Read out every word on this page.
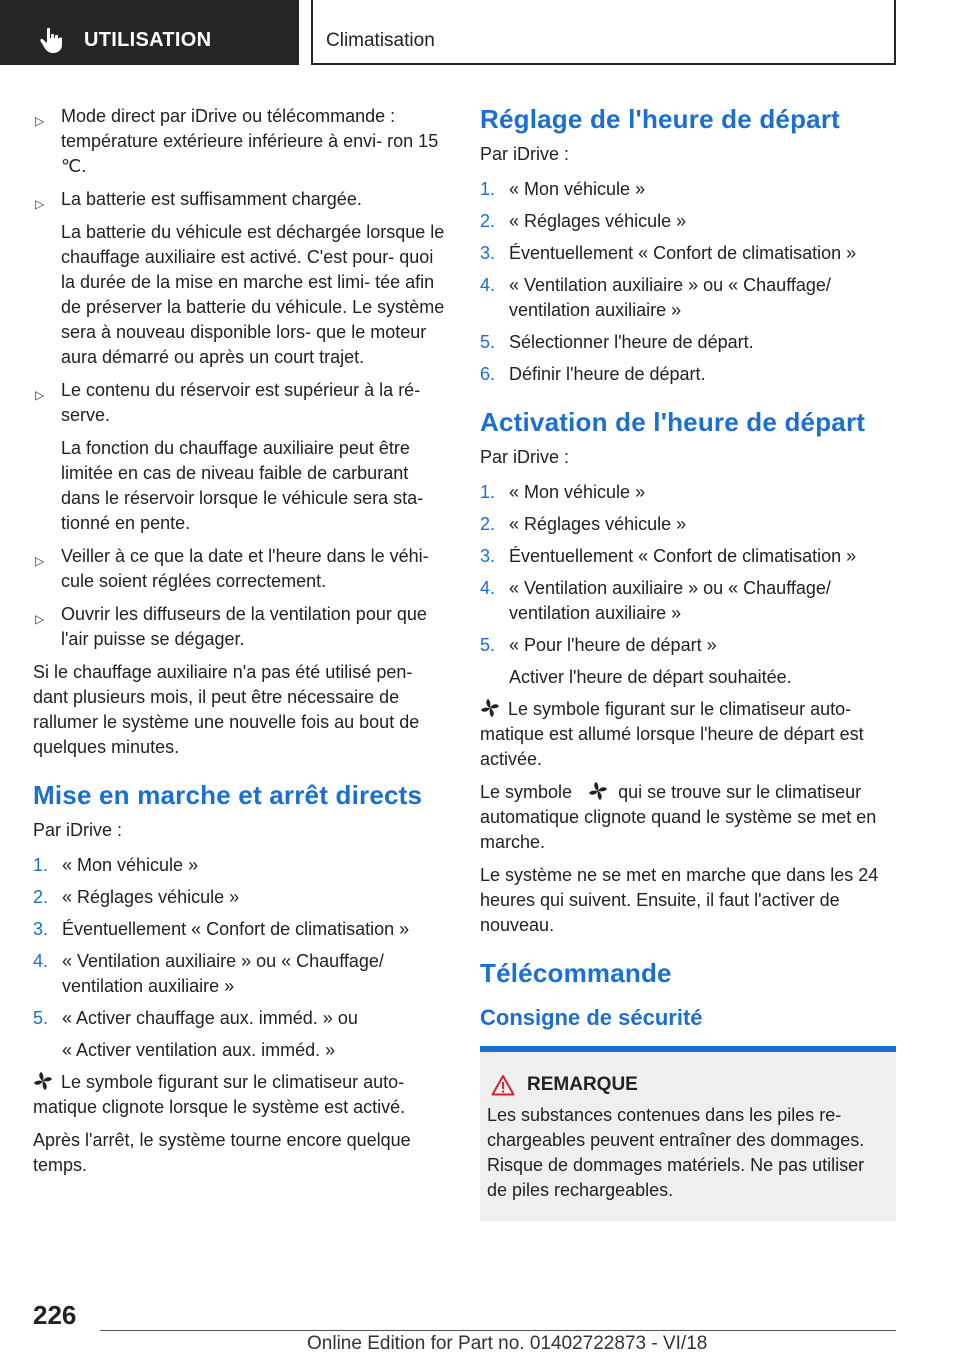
UTILISATION	Climatisation
▷ Mode direct par iDrive ou télécommande : température extérieure inférieure à envi‐ ron 15 ℃.
▷ La batterie est suffisamment chargée.

La batterie du véhicule est déchargée lorsque le chauffage auxiliaire est activé. C'est pour‐ quoi la durée de la mise en marche est limi‐ tée afin de préserver la batterie du véhicule. Le système sera à nouveau disponible lors‐ que le moteur aura démarré ou après un court trajet.

▷ Le contenu du réservoir est supérieur à la ré‐ serve.

La fonction du chauffage auxiliaire peut être limitée en cas de niveau faible de carburant dans le réservoir lorsque le véhicule sera sta‐ tionné en pente.

▷ Veiller à ce que la date et l'heure dans le véhi‐ cule soient réglées correctement.
▷ Ouvrir les diffuseurs de la ventilation pour que l'air puisse se dégager.
Si le chauffage auxiliaire n'a pas été utilisé pen‐ dant plusieurs mois, il peut être nécessaire de rallumer le système une nouvelle fois au bout de quelques minutes.
Mise en marche et arrêt directs
Par iDrive :
1. « Mon véhicule »
2. « Réglages véhicule »
3. Éventuellement « Confort de climatisation »
4. « Ventilation auxiliaire » ou « Chauffage/ ventilation auxiliaire »
5. « Activer chauffage aux. imméd. » ou
« Activer ventilation aux. imméd. »
Le symbole figurant sur le climatiseur auto‐ matique clignote lorsque le système est activé.
Après l'arrêt, le système tourne encore quelque temps.
Réglage de l'heure de départ
Par iDrive :
1. « Mon véhicule »
2. « Réglages véhicule »
3. Éventuellement « Confort de climatisation »
4. « Ventilation auxiliaire » ou « Chauffage/ ventilation auxiliaire »
5. Sélectionner l'heure de départ.
6. Définir l'heure de départ.
Activation de l'heure de départ
Par iDrive :
1. « Mon véhicule »
2. « Réglages véhicule »
3. Éventuellement « Confort de climatisation »
4. « Ventilation auxiliaire » ou « Chauffage/ ventilation auxiliaire »
5. « Pour l'heure de départ »
Activer l'heure de départ souhaitée.
Le symbole figurant sur le climatiseur auto‐ matique est allumé lorsque l'heure de départ est activée.
Le symbole	qui se trouve sur le climatiseur automatique clignote quand le système se met en marche.
Le système ne se met en marche que dans les 24 heures qui suivent. Ensuite, il faut l'activer de nouveau.
Télécommande
Consigne de sécurité
REMARQUE
Les substances contenues dans les piles re‐ chargeables peuvent entraîner des dommages. Risque de dommages matériels. Ne pas utiliser de piles rechargeables.
226
Online Edition for Part no. 01402722873 - VI/18
